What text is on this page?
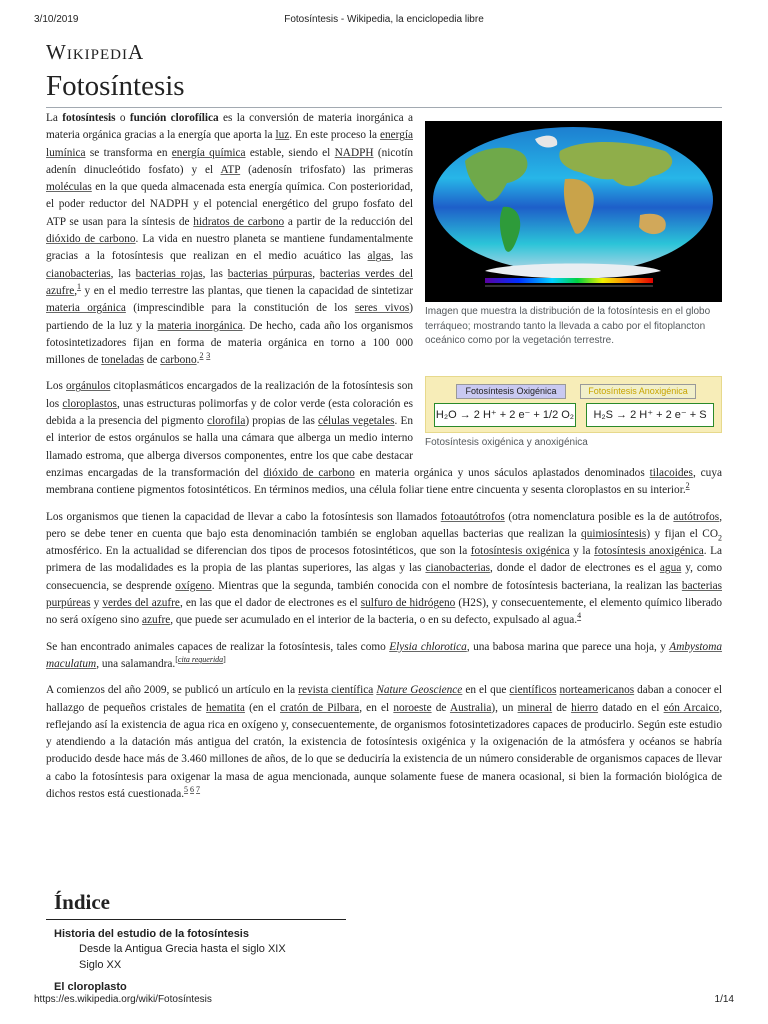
3/10/2019	Fotosíntesis - Wikipedia, la enciclopedia libre
WIKIPEDIA
Fotosíntesis
Imagen que muestra la distribución de la fotosíntesis en el globo terráqueo; mostrando tanto la llevada a cabo por el fitoplancton oceánico como por la vegetación terrestre.
Fotosíntesis Oxigénica	Fotosíntesis Anoxigénica
H₂O → 2 H⁺ + 2 e⁻ + 1/2 O₂	H₂S → 2 H⁺ + 2 e⁻ + S
Fotosíntesis oxigénica y anoxigénica

La fotosíntesis o función clorofílica es la conversión de materia inorgánica a materia orgánica gracias a la energía que aporta la luz. En este proceso la energía lumínica se transforma en energía química estable, siendo el NADPH (nicotín adenín dinucleótido fosfato) y el ATP (adenosín trifosfato) las primeras moléculas en la que queda almacenada esta energía química. Con posterioridad, el poder reductor del NADPH y el potencial energético del grupo fosfato del ATP se usan para la síntesis de hidratos de carbono a partir de la reducción del dióxido de carbono. La vida en nuestro planeta se mantiene fundamentalmente gracias a la fotosíntesis que realizan en el medio acuático las algas, las cianobacterias, las bacterias rojas, las bacterias púrpuras, bacterias verdes del azufre,$^1$ y en el medio terrestre las plantas, que tienen la capacidad de sintetizar materia orgánica (imprescindible para la constitución de los seres vivos) partiendo de la luz y la materia inorgánica. De hecho, cada año los organismos fotosintetizadores fijan en forma de materia orgánica en torno a 100 000 millones de toneladas de carbono.$^2$ $^3$

Los orgánulos citoplasmáticos encargados de la realización de la fotosíntesis son los cloroplastos, unas estructuras polimorfas y de color verde (esta coloración es debida a la presencia del pigmento clorofila) propias de las células vegetales. En el interior de estos orgánulos se halla una cámara que alberga un medio interno llamado estroma, que alberga diversos componentes, entre los que cabe destacar enzimas encargadas de la transformación del dióxido de carbono en materia orgánica y unos sáculos aplastados denominados tilacoides, cuya membrana contiene pigmentos fotosintéticos. En términos medios, una célula foliar tiene entre cincuenta y sesenta cloroplastos en su interior.$^2$

Los organismos que tienen la capacidad de llevar a cabo la fotosíntesis son llamados fotoautótrofos (otra nomenclatura posible es la de autótrofos, pero se debe tener en cuenta que bajo esta denominación también se engloban aquellas bacterias que realizan la quimiosíntesis) y fijan el $CO_2$ atmosférico. En la actualidad se diferencian dos tipos de procesos fotosintéticos, que son la fotosíntesis oxigénica y la fotosíntesis anoxigénica. La primera de las modalidades es la propia de las plantas superiores, las algas y las cianobacterias, donde el dador de electrones es el agua y, como consecuencia, se desprende oxígeno. Mientras que la segunda, también conocida con el nombre de fotosíntesis bacteriana, la realizan las bacterias purpúreas y verdes del azufre, en las que el dador de electrones es el sulfuro de hidrógeno (H2S), y consecuentemente, el elemento químico liberado no será oxígeno sino azufre, que puede ser acumulado en el interior de la bacteria, o en su defecto, expulsado al agua.$^4$

Se han encontrado animales capaces de realizar la fotosíntesis, tales como Elysia chlorotica, una babosa marina que parece una hoja, y Ambystoma maculatum, una salamandra.[cita requerida]

A comienzos del año 2009, se publicó un artículo en la revista científica Nature Geoscience en el que científicos norteamericanos daban a conocer el hallazgo de pequeños cristales de hematita (en el cratón de Pilbara, en el noroeste de Australia), un mineral de hierro datado en el eón Arcaico, reflejando así la existencia de agua rica en oxígeno y, consecuentemente, de organismos fotosintetizadores capaces de producirlo. Según este estudio y atendiendo a la datación más antigua del cratón, la existencia de fotosíntesis oxigénica y la oxigenación de la atmósfera y océanos se habría producido desde hace más de 3.460 millones de años, de lo que se deduciría la existencia de un número considerable de organismos capaces de llevar a cabo la fotosíntesis para oxigenar la masa de agua mencionada, aunque solamente fuese de manera ocasional, si bien la formación biológica de dichos restos está cuestionada.$^5$ $^6$ $^7$

Índice
Historia del estudio de la fotosíntesis
Desde la Antigua Grecia hasta el siglo XIX
Siglo XX
El cloroplasto
https://es.wikipedia.org/wiki/Fotosíntesis	1/14
